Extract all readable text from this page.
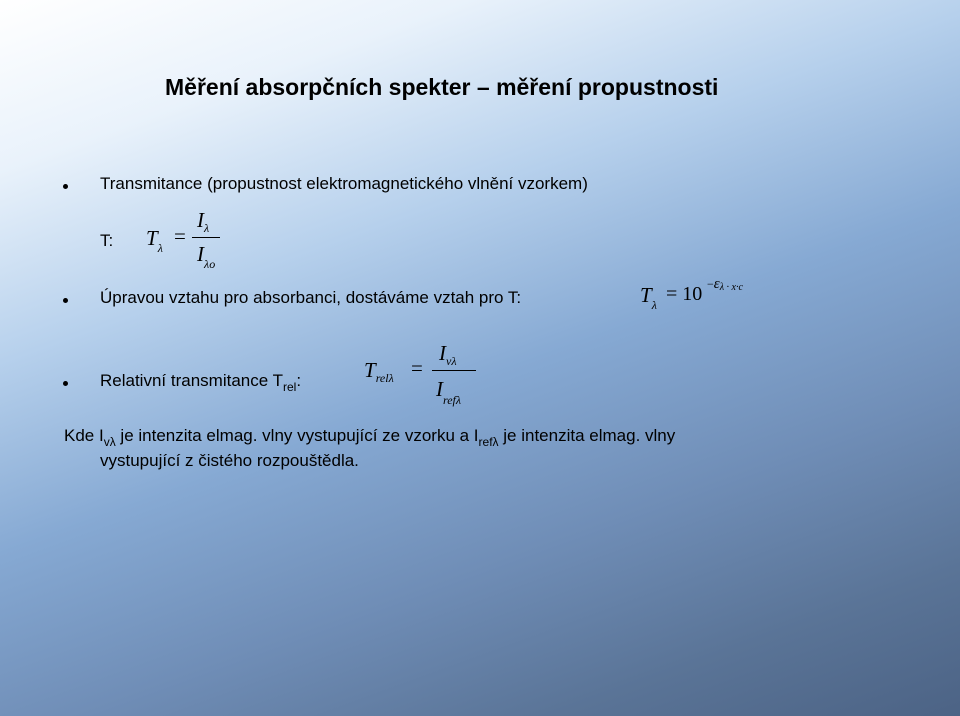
Měření absorpčních spekter – měření propustnosti
Transmitance (propustnost elektromagnetického vlnění vzorkem)
T: $T_\lambda$ =
$I_\lambda$
$I_{\lambda o}$
Úpravou vztahu pro absorbanci, dostáváme vztah pro T:	$T_\lambda = 10 -\varepsilon\lambda \cdot x\cdot c$
Relativní transmitance $T_{rel}$:	$T_{rel\lambda}$ =
$I_{v\lambda}$
$I_{ref\lambda}$
Kde $I_{v\lambda}$ je intenzita elmag. vlny vystupující ze vzorku a $I_{ref\lambda}$ je intenzita elmag. vlny
vystupující z čistého rozpouštědla.
